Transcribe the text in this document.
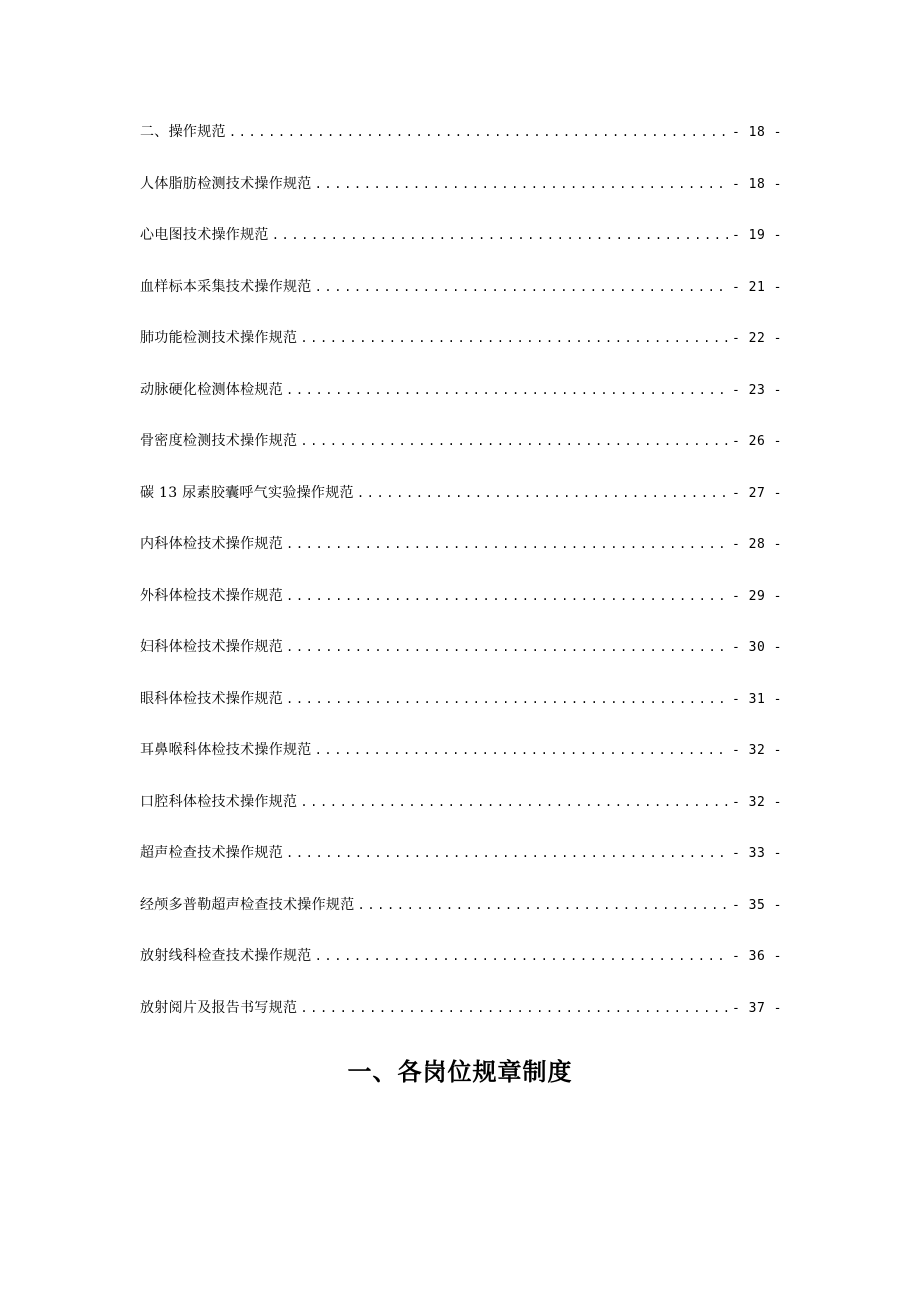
二、操作规范 .....	- 18 -
人体脂肪检测技术操作规范 .....	- 18 -
心电图技术操作规范 .....	- 19 -
血样标本采集技术操作规范 .....	- 21 -
肺功能检测技术操作规范 .....	- 22 -
动脉硬化检测体检规范 .....	- 23 -
骨密度检测技术操作规范 .....	- 26 -
碳 13 尿素胶囊呼气实验操作规范 .....	- 27 -
内科体检技术操作规范 .....	- 28 -
外科体检技术操作规范 .....	- 29 -
妇科体检技术操作规范 .....	- 30 -
眼科体检技术操作规范 .....	- 31 -
耳鼻喉科体检技术操作规范 .....	- 32 -
口腔科体检技术操作规范 .....	- 32 -
超声检查技术操作规范 .....	- 33 -
经颅多普勒超声检查技术操作规范 .....	- 35 -
放射线科检查技术操作规范 .....	- 36 -
放射阅片及报告书写规范 .....	- 37 -
一、各岗位规章制度
